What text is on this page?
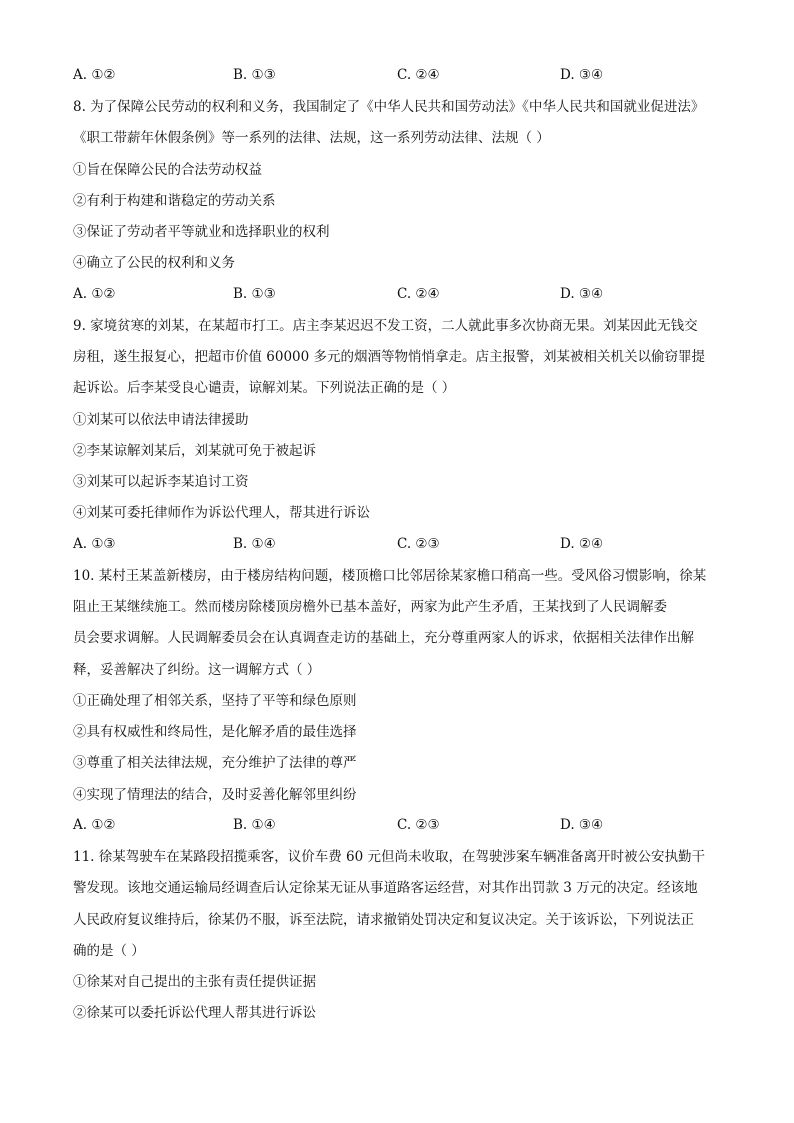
A. ①②	B. ①③	C. ②④	D. ③④
8. 为了保障公民劳动的权利和义务，我国制定了《中华人民共和国劳动法》《中华人民共和国就业促进法》
《职工带薪年休假条例》等一系列的法律、法规，这一系列劳动法律、法规（ ）
①旨在保障公民的合法劳动权益
②有利于构建和谐稳定的劳动关系
③保证了劳动者平等就业和选择职业的权利
④确立了公民的权利和义务
A. ①②	B. ①③	C. ②④	D. ③④
9. 家境贫寒的刘某，在某超市打工。店主李某迟迟不发工资，二人就此事多次协商无果。刘某因此无钱交
房租，遂生报复心，把超市价值 60000 多元的烟酒等物悄悄拿走。店主报警，刘某被相关机关以偷窃罪提
起诉讼。后李某受良心谴责，谅解刘某。下列说法正确的是（ ）
①刘某可以依法申请法律援助
②李某谅解刘某后，刘某就可免于被起诉
③刘某可以起诉李某追讨工资
④刘某可委托律师作为诉讼代理人，帮其进行诉讼
A. ①③	B. ①④	C. ②③	D. ②④
10. 某村王某盖新楼房，由于楼房结构问题，楼顶檐口比邻居徐某家檐口稍高一些。受风俗习惯影响，徐某
阻止王某继续施工。然而楼房除楼顶房檐外已基本盖好，两家为此产生矛盾，王某找到了人民调解委
员会要求调解。人民调解委员会在认真调查走访的基础上，充分尊重两家人的诉求，依据相关法律作出解
释，妥善解决了纠纷。这一调解方式（ ）
①正确处理了相邻关系，坚持了平等和绿色原则
②具有权威性和终局性，是化解矛盾的最佳选择
③尊重了相关法律法规，充分维护了法律的尊严
④实现了情理法的结合，及时妥善化解邻里纠纷
A. ①②	B. ①④	C. ②③	D. ③④
11. 徐某驾驶车在某路段招揽乘客，议价车费 60 元但尚未收取，在驾驶涉案车辆准备离开时被公安执勤干
警发现。该地交通运输局经调查后认定徐某无证从事道路客运经营，对其作出罚款 3 万元的决定。经该地
人民政府复议维持后，徐某仍不服，诉至法院，请求撤销处罚决定和复议决定。关于该诉讼，下列说法正
确的是（ ）
①徐某对自己提出的主张有责任提供证据
②徐某可以委托诉讼代理人帮其进行诉讼
